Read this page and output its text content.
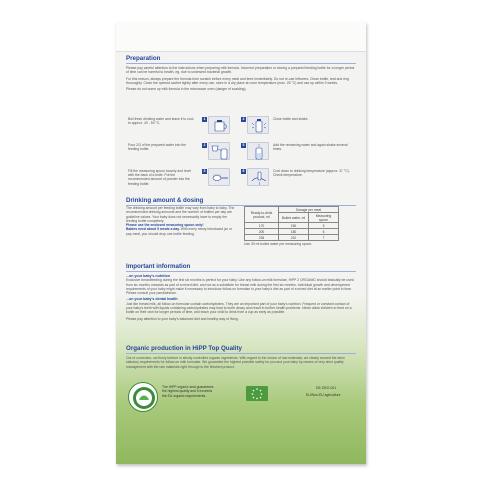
Preparation
Please pay careful attention to the instructions when preparing milk formula. Incorrect preparation or storing a prepared feeding bottle for a longer period of time can be harmful to health, eg. due to undesired bacterial growth.
For this reason, always prepare the formula from scratch before every meal and feed immediately. Do not re-use leftovers. Clean bottle, teat and ring thoroughly. Close the opened sachet tightly after every use, store in a dry place at room temperature (max. 25 °C) and use up within 3 weeks.
Please do not warm up milk formula in the microwave oven (danger of scalding).
Boil fresh drinking water and leave it to cool to approx. 40 - 50 °C.
1	4	Close bottle and shake.
Pour 2/3 of the prepared water into the feeding bottle.
2	5	Add the remaining water and again shake several times.
Fill the measuring spoon loosely and level with the back of a knife. Put the recommended amount of powder into the feeding bottle.
3	6	Cool down to drinking temperature (approx. 37 °C). Check temperature.
Drinking amount & dosing
The drinking amount per feeding bottle may vary from baby to baby. The recommended drinking amounts and the number of bottles per day are guideline values. Your baby does not necessarily have to empty the feeding bottle completely.
Please use the enclosed measuring spoon only!
Babies need about 5 meals a day. With every newly introduced jar or pap meal, you should drop one bottle feeding.
Ready-to-drink product, ml	Dosage per meal	
	Boiled water, ml	Measuring spoon
170	150	5
200	180	6
235	210	7
Use 30 ml boiled water per measuring spoon.
Important information
...on your baby's nutrition
Exclusive breastfeeding during the first six months is perfect for your baby. Like any follow-on milk formulae, HiPP 2 ORGANIC should basically be used from six months onwards as part of a mixed diet, and not as a substitute for breast milk during the first six months. Individual growth and development requirements of your baby might make it necessary to introduce follow-on formulae to your baby's diet as part of a mixed diet at an earlier point in time. Please consult your paediatrician.
...on your baby's dental health
Just like breast milk, all follow-on formulae contain carbohydrates. They are an important part of your baby's nutrition. Frequent or constant contact of your baby's teeth with liquids containing carbohydrates may lead to tooth decay and result in further health problems. Never allow children to feed on a bottle on their own for longer periods of time, and teach your child to drink from a cup as early as possible.
Please pay attention to your baby's balanced diet and healthy way of living.
Organic production in HiPP Top Quality
Out of conviction, we firmly believe in strictly controlled organic ingredients. With regard to the choice of raw materials, we clearly exceed the strict statutory requirements for follow-on milk formulae. We guarantee the highest possible safety for you and your baby by means of very strict quality management with the raw materials right through to the finished product.
The HiPP organic seal guarantees the highest quality and it exceeds the EU organic requirements.
DE-ÖKO-001
EU/Non-EU agriculture
